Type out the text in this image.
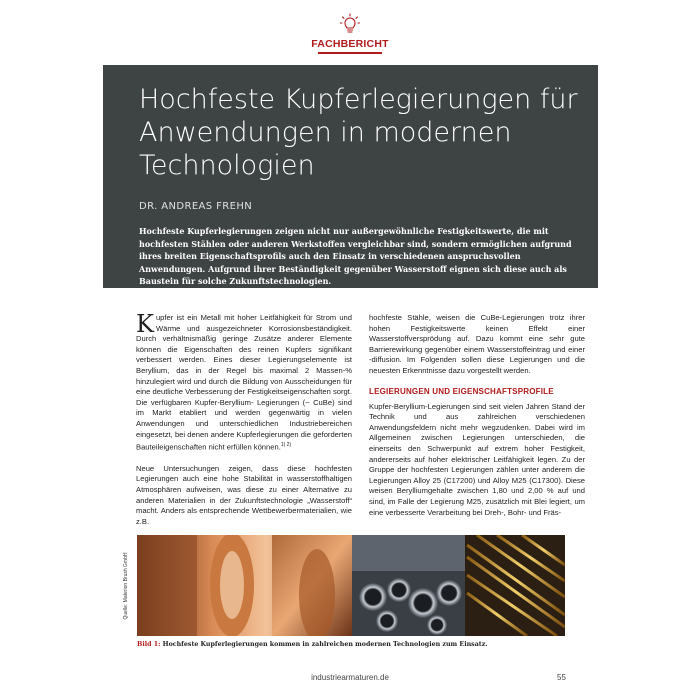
FACHBERICHT
Hochfeste Kupferlegierungen für Anwendungen in modernen Technologien
DR. ANDREAS FREHN

Hochfeste Kupferlegierungen zeigen nicht nur außergewöhnliche Festigkeitswerte, die mit hochfesten Stählen oder anderen Werkstoffen vergleichbar sind, sondern ermöglichen aufgrund ihres breiten Eigenschaftsprofils auch den Einsatz in verschiedenen anspruchsvollen Anwendungen. Aufgrund ihrer Beständigkeit gegenüber Wasserstoff eignen sich diese auch als Baustein für solche Zukunftstechnologien.

Kupfer ist ein Metall mit hoher Leitfähigkeit für Strom und Wärme und ausgezeichneter Korrosionsbeständigkeit. Durch verhältnismäßig geringe Zusätze anderer Elemente können die Eigenschaften des reinen Kupfers signifikant verbessert werden. Eines dieser Legierungselemente ist Beryllium, das in der Regel bis maximal 2 Massen-% hinzulegiert wird und durch die Bildung von Ausscheidungen für eine deutliche Verbesserung der Festigkeitseigenschaften sorgt. Die verfügbaren Kupfer-Beryllium- Legierungen (~ CuBe) sind im Markt etabliert und werden gegenwärtig in vielen Anwendungen und unterschiedlichen Industriebereichen eingesetzt, bei denen andere Kupferlegierungen die geforderten Bauteileigenschaften nicht erfüllen können.$^{1) 2)}$

Neue Untersuchungen zeigen, dass diese hochfesten Legierungen auch eine hohe Stabilität in wasserstoffhaltigen Atmosphären aufweisen, was diese zu einer Alternative zu anderen Materialien in der Zukunftstechnologie „Wasserstoff“ macht. Anders als entsprechende Wettbewerbermaterialien, wie z.B.

hochfeste Stähle, weisen die CuBe-Legierungen trotz ihrer hohen Festigkeitswerte keinen Effekt einer Wasserstoffversprödung auf. Dazu kommt eine sehr gute Barrierewirkung gegenüber einem Wasserstoffeintrag und einer -diffusion. Im Folgenden sollen diese Legierungen und die neuesten Erkenntnisse dazu vorgestellt werden.

LEGIERUNGEN UND EIGENSCHAFTSPROFILE

Kupfer-Beryllium-Legierungen sind seit vielen Jahren Stand der Technik und aus zahlreichen verschiedenen Anwendungsfeldern nicht mehr wegzudenken. Dabei wird im Allgemeinen zwischen Legierungen unterschieden, die einerseits den Schwerpunkt auf extrem hoher Festigkeit, andererseits auf hoher elektrischer Leitfähigkeit legen. Zu der Gruppe der hochfesten Legierungen zählen unter anderem die Legierungen Alloy 25 (C17200) und Alloy M25 (C17300). Diese weisen Berylliumgehalte zwischen 1,80 und 2,00 % auf und sind, im Falle der Legierung M25, zusätzlich mit Blei legiert, um eine verbesserte Verarbeitung bei Dreh-, Bohr- und Fräs-

Quelle: Materion Brush GmbH
Bild 1: Hochfeste Kupferlegierungen kommen in zahlreichen modernen Technologien zum Einsatz.
industriearmaturen.de	55
